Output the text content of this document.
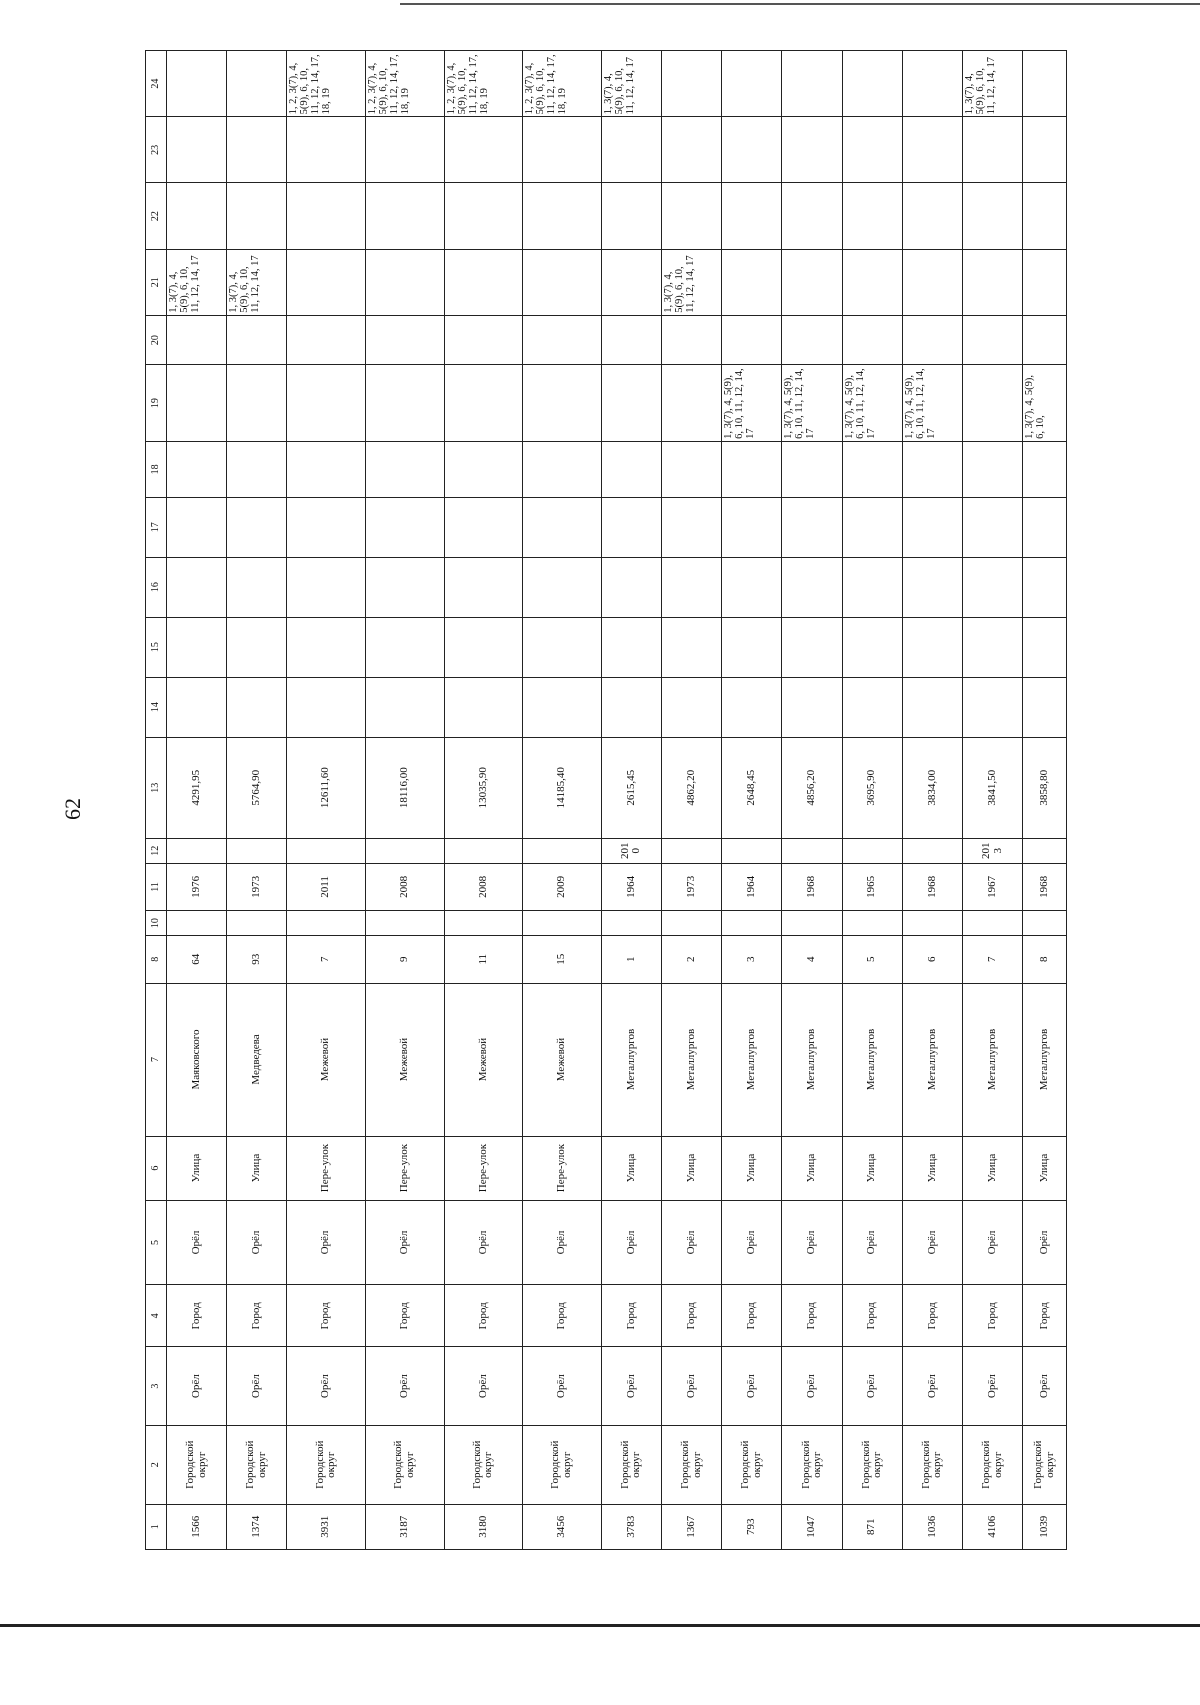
62
1	2	3	4	5	6	7	8	10	11	12	13	14	15	16	17	18	19	20	21	22	23	24
1566	Городской округ	Орёл	Город	Орёл	Улица	Маяковского	64		1976		4291,95								1, 3(7), 4, 5(9), 6, 10, 11, 12, 14, 17			
1374	Городской округ	Орёл	Город	Орёл	Улица	Медведева	93		1973		5764,90								1, 3(7), 4, 5(9), 6, 10, 11, 12, 14, 17			
3931	Городской округ	Орёл	Город	Орёл	Пере-улок	Межевой	7		2011		12611,60											1, 2, 3(7), 4, 5(9), 6, 10, 11, 12, 14, 17, 18, 19
3187	Городской округ	Орёл	Город	Орёл	Пере-улок	Межевой	9		2008		18116,00											1, 2, 3(7), 4, 5(9), 6, 10, 11, 12, 14, 17, 18, 19
3180	Городской округ	Орёл	Город	Орёл	Пере-улок	Межевой	11		2008		13035,90											1, 2, 3(7), 4, 5(9), 6, 10, 11, 12, 14, 17, 18, 19
3456	Городской округ	Орёл	Город	Орёл	Пере-улок	Межевой	15		2009		14185,40											1, 2, 3(7), 4, 5(9), 6, 10, 11, 12, 14, 17, 18, 19
3783	Городской округ	Орёл	Город	Орёл	Улица	Металлургов	1		1964	2010	2615,45											1, 3(7), 4, 5(9), 6, 10, 11, 12, 14, 17
1367	Городской округ	Орёл	Город	Орёл	Улица	Металлургов	2		1973		4862,20								1, 3(7), 4, 5(9), 6, 10, 11, 12, 14, 17			
793	Городской округ	Орёл	Город	Орёл	Улица	Металлургов	3		1964		2648,45						1, 3(7), 4, 5(9), 6, 10, 11, 12, 14, 17					
1047	Городской округ	Орёл	Город	Орёл	Улица	Металлургов	4		1968		4856,20						1, 3(7), 4, 5(9), 6, 10, 11, 12, 14, 17					
871	Городской округ	Орёл	Город	Орёл	Улица	Металлургов	5		1965		3695,90						1, 3(7), 4, 5(9), 6, 10, 11, 12, 14, 17					
1036	Городской округ	Орёл	Город	Орёл	Улица	Металлургов	6		1968		3834,00						1, 3(7), 4, 5(9), 6, 10, 11, 12, 14, 17					
4106	Городской округ	Орёл	Город	Орёл	Улица	Металлургов	7		1967	2013	3841,50											1, 3(7), 4, 5(9), 6, 10, 11, 12, 14, 17
1039	Городской округ	Орёл	Город	Орёл	Улица	Металлургов	8		1968		3858,80						1, 3(7), 4, 5(9), 6, 10,					
